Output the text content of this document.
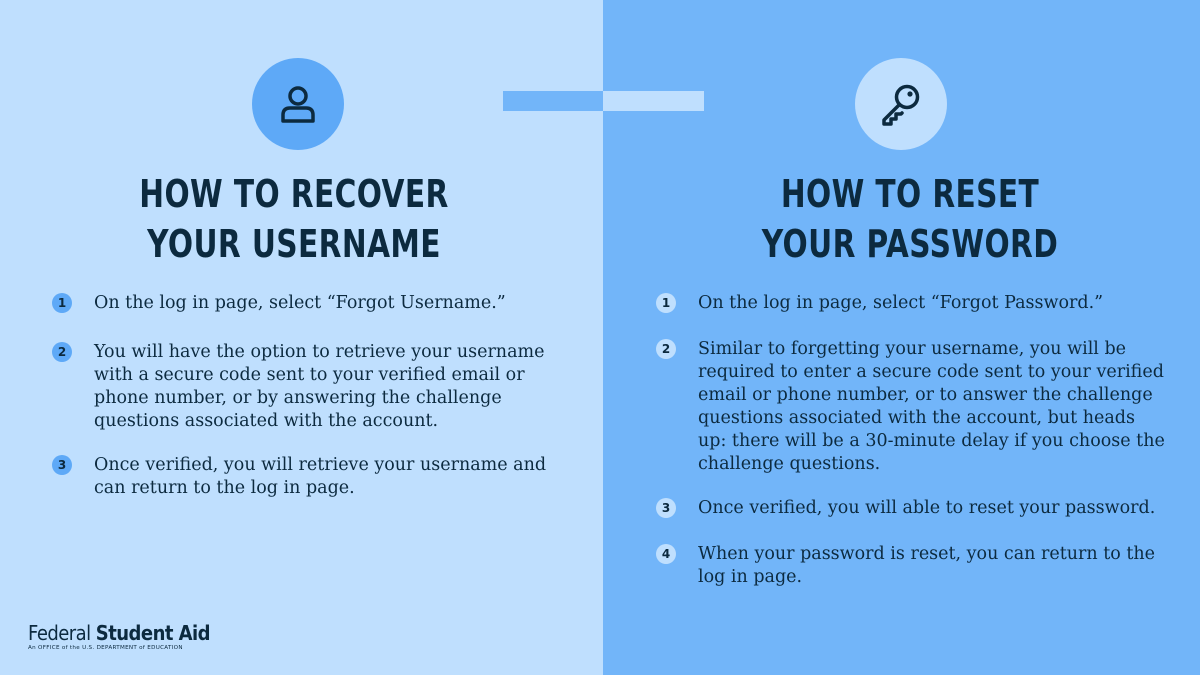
HOW TO RECOVER
YOUR USERNAME
HOW TO RESET
YOUR PASSWORD
1	On the log in page, select “Forgot Username.”
2	You will have the option to retrieve your username with a secure code sent to your verified email or phone number, or by answering the challenge questions associated with the account.
3	Once verified, you will retrieve your username and can return to the log in page.
1	On the log in page, select “Forgot Password.”
2	Similar to forgetting your username, you will be required to enter a secure code sent to your verified email or phone number, or to answer the challenge questions associated with the account, but heads up: there will be a 30-minute delay if you choose the challenge questions.
3	Once verified, you will able to reset your password.
4	When your password is reset, you can return to the log in page.
Federal Student Aid
An OFFICE of the U.S. DEPARTMENT of EDUCATION
